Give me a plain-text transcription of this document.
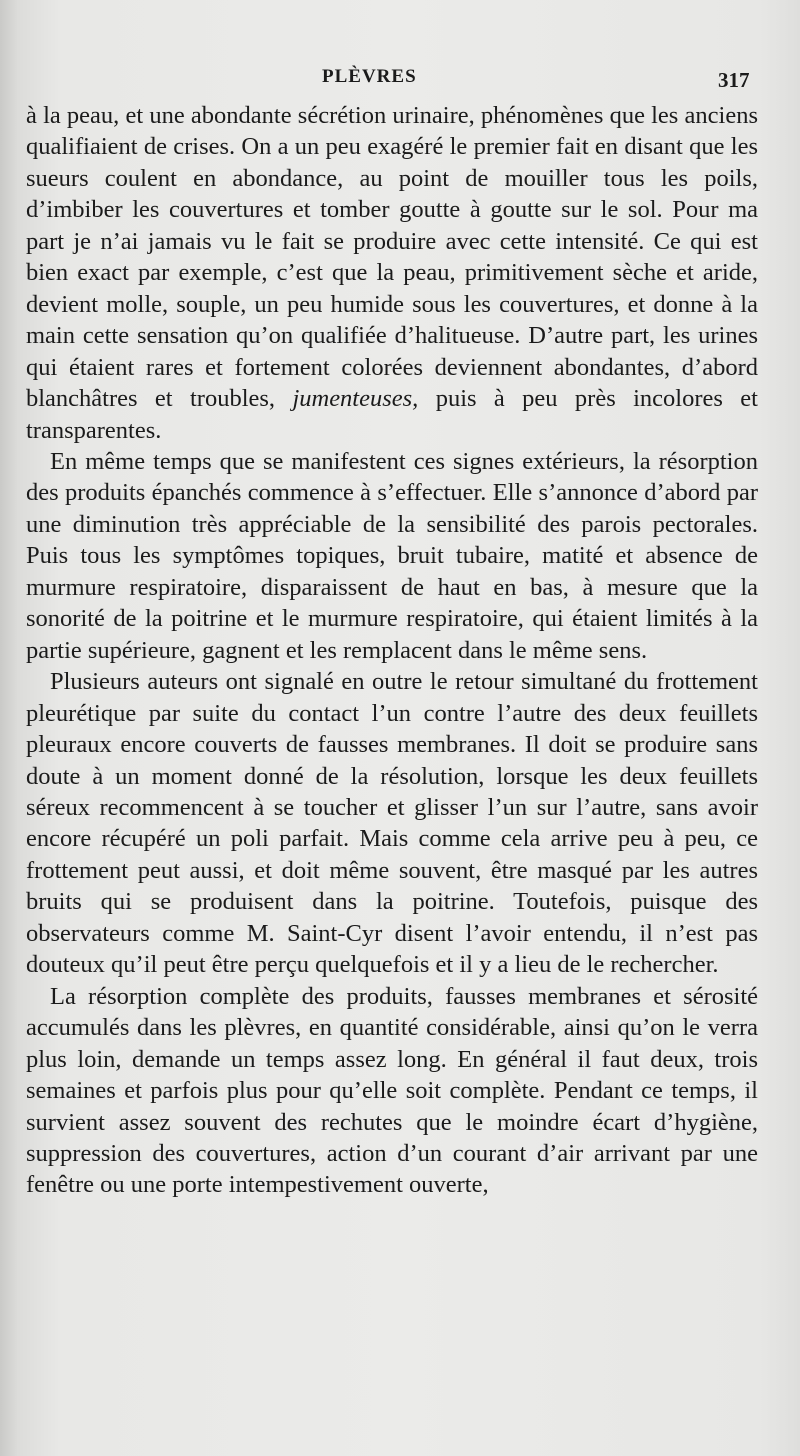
PLÈVRES	317

à la peau, et une abondante sécrétion urinaire, phénomènes que les anciens qualifiaient de crises. On a un peu exagéré le premier fait en disant que les sueurs coulent en abondance, au point de mouiller tous les poils, d’imbiber les couvertures et tomber goutte à goutte sur le sol. Pour ma part je n’ai jamais vu le fait se produire avec cette intensité. Ce qui est bien exact par exemple, c’est que la peau, primitivement sèche et aride, devient molle, souple, un peu humide sous les couvertures, et donne à la main cette sensation qu’on qualifiée d’halitueuse. D’autre part, les urines qui étaient rares et fortement colorées deviennent abondantes, d’abord blanchâtres et troubles, jumenteuses, puis à peu près incolores et transparentes.

En même temps que se manifestent ces signes extérieurs, la résorption des produits épanchés commence à s’effectuer. Elle s’annonce d’abord par une diminution très appréciable de la sensibilité des parois pectorales. Puis tous les symptômes topiques, bruit tubaire, matité et absence de murmure respiratoire, disparaissent de haut en bas, à mesure que la sonorité de la poitrine et le murmure respiratoire, qui étaient limités à la partie supérieure, gagnent et les remplacent dans le même sens.

Plusieurs auteurs ont signalé en outre le retour simultané du frottement pleurétique par suite du contact l’un contre l’autre des deux feuillets pleuraux encore couverts de fausses membranes. Il doit se produire sans doute à un moment donné de la résolution, lorsque les deux feuillets séreux recommencent à se toucher et glisser l’un sur l’autre, sans avoir encore récupéré un poli parfait. Mais comme cela arrive peu à peu, ce frottement peut aussi, et doit même souvent, être masqué par les autres bruits qui se produisent dans la poitrine. Toutefois, puisque des observateurs comme M. Saint-Cyr disent l’avoir entendu, il n’est pas douteux qu’il peut être perçu quelquefois et il y a lieu de le rechercher.

La résorption complète des produits, fausses membranes et sérosité accumulés dans les plèvres, en quantité considérable, ainsi qu’on le verra plus loin, demande un temps assez long. En général il faut deux, trois semaines et parfois plus pour qu’elle soit complète. Pendant ce temps, il survient assez souvent des rechutes que le moindre écart d’hygiène, suppression des couvertures, action d’un courant d’air arrivant par une fenêtre ou une porte intempestivement ouverte,
